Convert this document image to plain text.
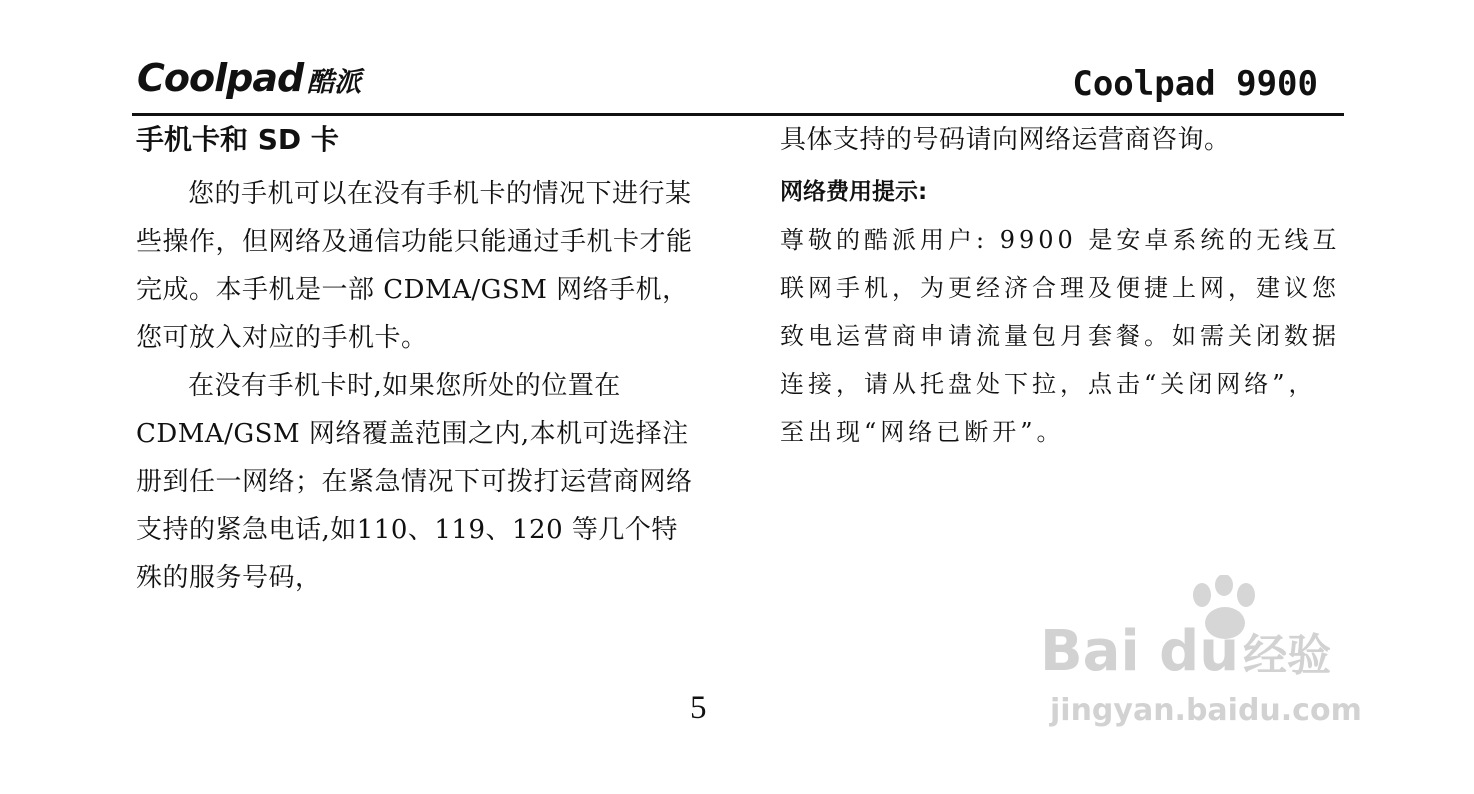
Coolpad 酷派	Coolpad 9900
手机卡和 SD 卡

您的手机可以在没有手机卡的情况下进行某些操作，但网络及通信功能只能通过手机卡才能完成。本手机是一部 CDMA/GSM 网络手机，您可放入对应的手机卡。

在没有手机卡时,如果您所处的位置在 CDMA/GSM 网络覆盖范围之内,本机可选择注册到任一网络；在紧急情况下可拨打运营商网络支持的紧急电话,如110、119、120 等几个特殊的服务号码，

具体支持的号码请向网络运营商咨询。

网络费用提示:

尊敬的酷派用户: 9900 是安卓系统的无线互联网手机，为更经济合理及便捷上网，建议您致电运营商申请流量包月套餐。如需关闭数据连接，请从托盘处下拉，点击“关闭网络”，至出现“网络已断开”。

5
Bai du经验
jingyan.baidu.com
